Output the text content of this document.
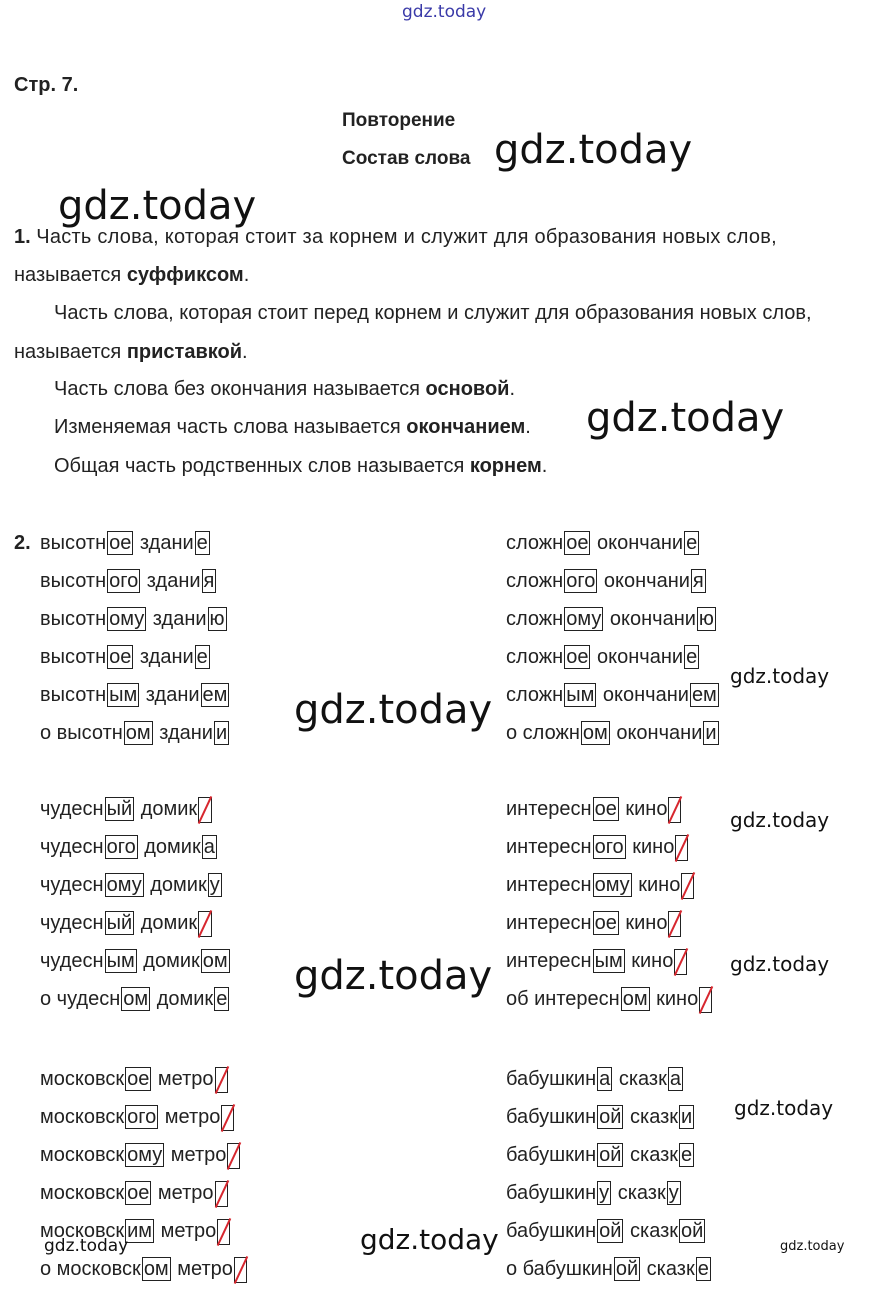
gdz.today
Стр. 7.
Повторение
Состав слова gdz.today
gdz.today
1. Часть слова, которая стоит за корнем и служит для образования новых слов,
называется суффиксом.
Часть слова, которая стоит перед корнем и служит для образования новых слов,
называется приставкой.
Часть слова без окончания называется основой.
Изменяемая часть слова называется окончанием.
Общая часть родственных слов называется корнем.
gdz.today
2. высотн ое здани е
высотн ого здани я
высотн ому здани ю
высотн ое здани е
высотн ым здани ем
о высотн ом здани и
сложн ое окончани е
сложн ого окончани я
сложн ому окончани ю
сложн ое окончани е
сложн ым окончани ем
о сложн ом окончани и
gdz.today
gdz.today
чудесн ый домик
чудесн ого домик а
чудесн ому домик у
чудесн ый домик
чудесн ым домик ом
о чудесн ом домик е
интересн ое кино
интересн ого кино
интересн ому кино
интересн ое кино
интересн ым кино
об интересн ом кино
gdz.today
gdz.today
gdz.today
московск ое метро
московск ого метро
московск ому метро
московск ое метро
московск им метро
о московск ом метро
бабушкин а сказк а
бабушкин ой сказк и
бабушкин ой сказк е
бабушкин у сказк у
бабушкин ой сказк ой
о бабушкин ой сказк е
gdz.today
gdz.today	gdz.today	gdz.today
